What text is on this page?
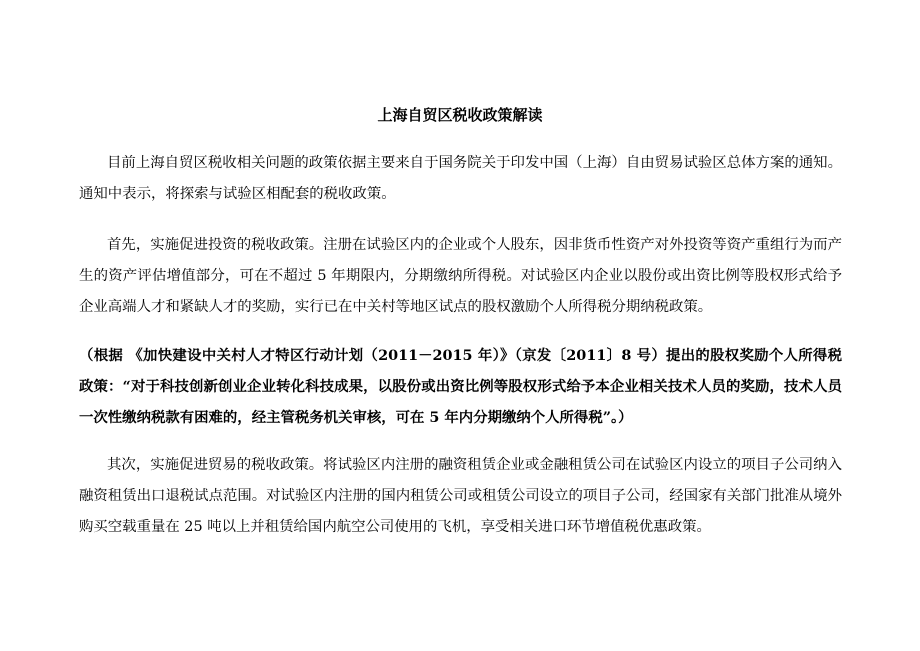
上海自贸区税收政策解读

目前上海自贸区税收相关问题的政策依据主要来自于国务院关于印发中国（上海）自由贸易试验区总体方案的通知。通知中表示，将探索与试验区相配套的税收政策。

首先，实施促进投资的税收政策。注册在试验区内的企业或个人股东，因非货币性资产对外投资等资产重组行为而产生的资产评估增值部分，可在不超过 5 年期限内，分期缴纳所得税。对试验区内企业以股份或出资比例等股权形式给予企业高端人才和紧缺人才的奖励，实行已在中关村等地区试点的股权激励个人所得税分期纳税政策。

（根据 《加快建设中关村人才特区行动计划（2011－2015 年）》（京发〔2011〕8 号）提出的股权奖励个人所得税政策：“对于科技创新创业企业转化科技成果，以股份或出资比例等股权形式给予本企业相关技术人员的奖励，技术人员一次性缴纳税款有困难的，经主管税务机关审核，可在 5 年内分期缴纳个人所得税”。）

其次，实施促进贸易的税收政策。将试验区内注册的融资租赁企业或金融租赁公司在试验区内设立的项目子公司纳入融资租赁出口退税试点范围。对试验区内注册的国内租赁公司或租赁公司设立的项目子公司，经国家有关部门批准从境外购买空载重量在 25 吨以上并租赁给国内航空公司使用的飞机，享受相关进口环节增值税优惠政策。
